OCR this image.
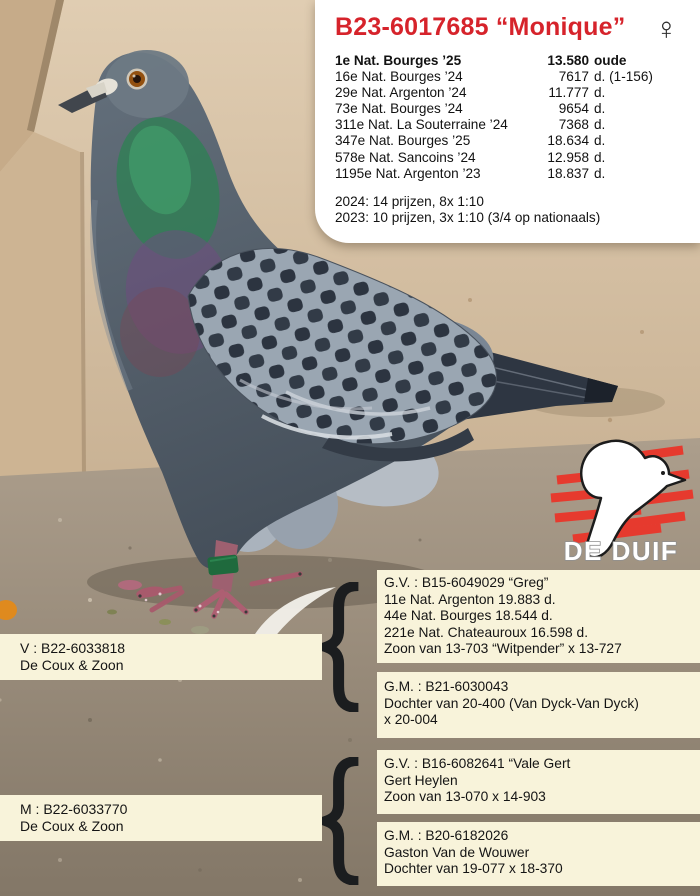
B23-6017685 “Monique” ♀
1e Nat. Bourges ’25	13.580 oude
16e Nat. Bourges ’24	7617 d. (1-156)
29e Nat. Argenton ’24	11.777 d.
73e Nat. Bourges ’24	9654 d.
311e Nat. La Souterraine ’24	7368 d.
347e Nat. Bourges ’25	18.634 d.
578e Nat. Sancoins ’24	12.958 d.
1195e Nat. Argenton ’23	18.837 d.
2024: 14 prijzen, 8x 1:10
2023: 10 prijzen, 3x 1:10 (3/4 op nationaals)
DE DUIF
V : B22-6033818
De Coux & Zoon
G.V. : B15-6049029 “Greg”
11e Nat. Argenton 19.883 d.
44e Nat. Bourges 18.544 d.
221e Nat. Chateauroux 16.598 d.
Zoon van 13-703 “Witpender” x 13-727
G.M. : B21-6030043
Dochter van 20-400 (Van Dyck-Van Dyck)
x 20-004
M : B22-6033770
De Coux & Zoon
G.V. : B16-6082641 “Vale Gert
Gert Heylen
Zoon van 13-070 x 14-903
G.M. : B20-6182026
Gaston Van de Wouwer
Dochter van 19-077 x 18-370
